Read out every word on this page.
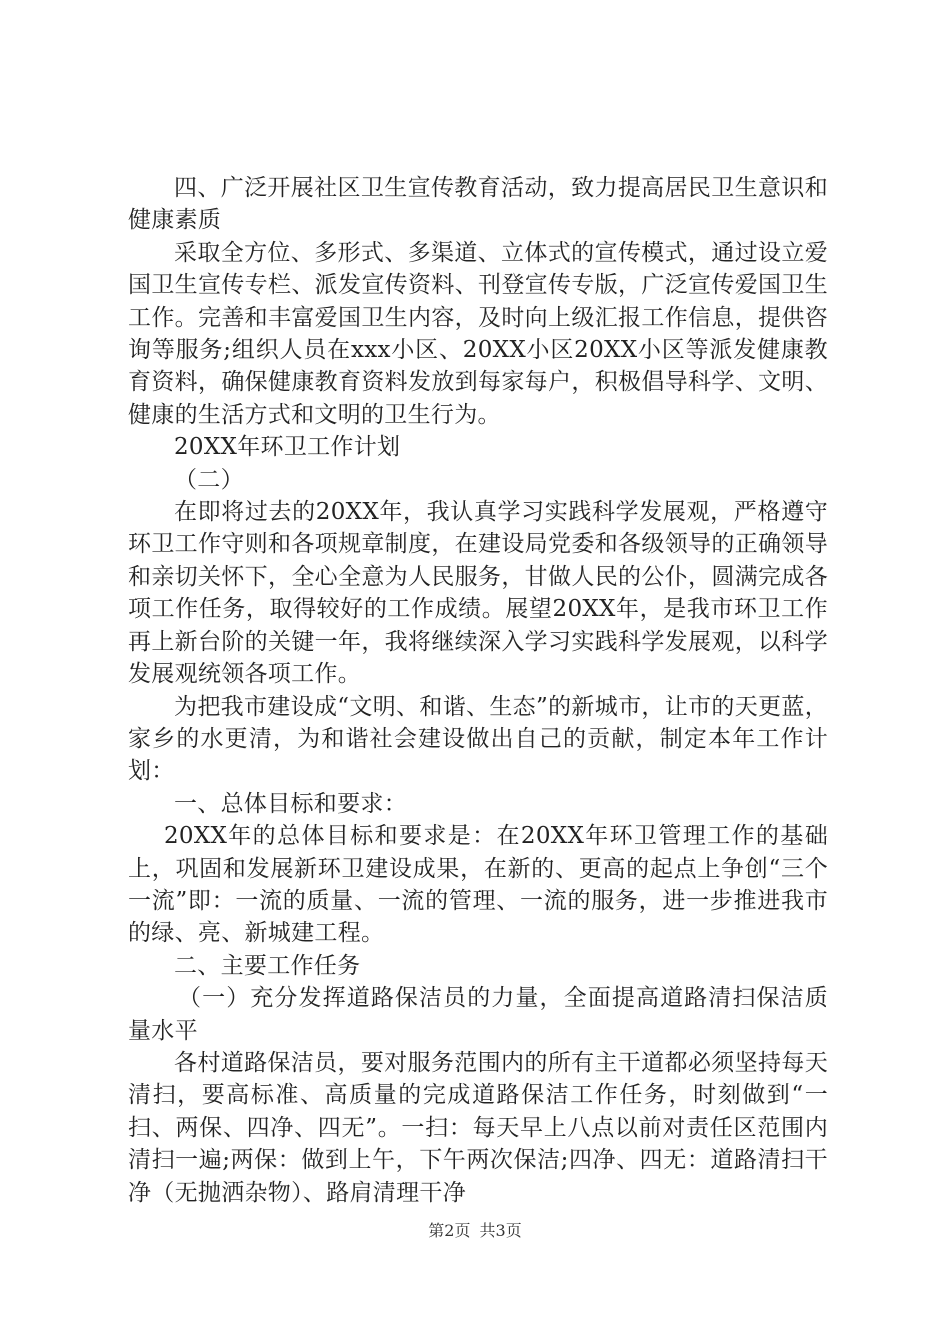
四、广泛开展社区卫生宣传教育活动，致力提高居民卫生意识和健康素质

采取全方位、多形式、多渠道、立体式的宣传模式，通过设立爱国卫生宣传专栏、派发宣传资料、刊登宣传专版，广泛宣传爱国卫生工作。完善和丰富爱国卫生内容，及时向上级汇报工作信息，提供咨询等服务;组织人员在xxx小区、20XX小区20XX小区等派发健康教育资料，确保健康教育资料发放到每家每户，积极倡导科学、文明、健康的生活方式和文明的卫生行为。

20XX年环卫工作计划

（二）

在即将过去的20XX年，我认真学习实践科学发展观，严格遵守环卫工作守则和各项规章制度，在建设局党委和各级领导的正确领导和亲切关怀下，全心全意为人民服务，甘做人民的公仆，圆满完成各项工作任务，取得较好的工作成绩。展望20XX年，是我市环卫工作再上新台阶的关键一年，我将继续深入学习实践科学发展观，以科学发展观统领各项工作。

为把我市建设成“文明、和谐、生态”的新城市，让市的天更蓝，家乡的水更清，为和谐社会建设做出自己的贡献，制定本年工作计划：

一、总体目标和要求：

20XX年的总体目标和要求是：在20XX年环卫管理工作的基础上，巩固和发展新环卫建设成果，在新的、更高的起点上争创“三个一流”即：一流的质量、一流的管理、一流的服务，进一步推进我市的绿、亮、新城建工程。

二、主要工作任务

（一）充分发挥道路保洁员的力量，全面提高道路清扫保洁质量水平

各村道路保洁员，要对服务范围内的所有主干道都必须坚持每天清扫，要高标准、高质量的完成道路保洁工作任务，时刻做到“一扫、两保、四净、四无”。一扫：每天早上八点以前对责任区范围内清扫一遍;两保：做到上午，下午两次保洁;四净、四无：道路清扫干净（无抛洒杂物）、路肩清理干净

第2页 共3页
